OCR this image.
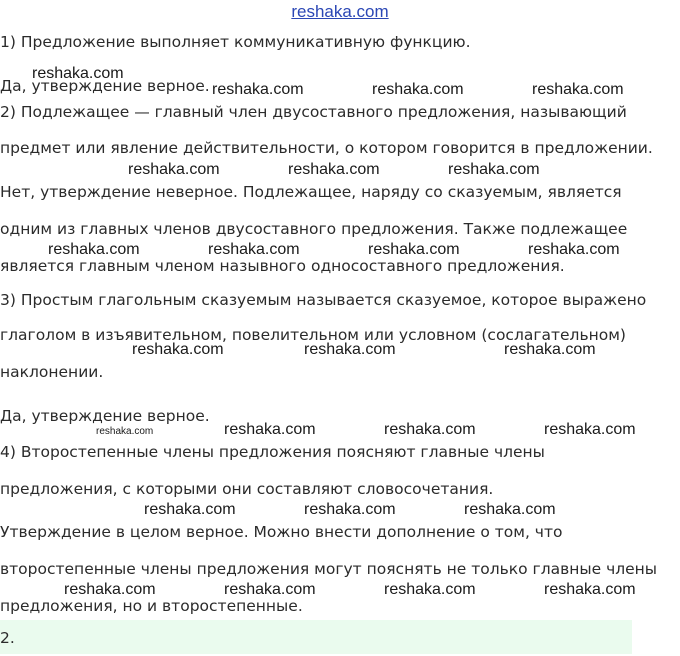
reshaka.com
1) Предложение выполняет коммуникативную функцию.
Да, утверждение верное.
2) Подлежащее — главный член двусоставного предложения, называющий
предмет или явление действительности, о котором говорится в предложении.
Нет, утверждение неверное. Подлежащее, наряду со сказуемым, является
одним из главных членов двусоставного предложения. Также подлежащее
является главным членом назывного односоставного предложения.
3) Простым глагольным сказуемым называется сказуемое, которое выражено
глаголом в изъявительном, повелительном или условном (сослагательном)
наклонении.
Да, утверждение верное.
4) Второстепенные члены предложения поясняют главные члены
предложения, с которыми они составляют словосочетания.
Утверждение в целом верное. Можно внести дополнение о том, что
второстепенные члены предложения могут пояснять не только главные члены
предложения, но и второстепенные.
reshaka.com
reshaka.com	reshaka.com	reshaka.com
reshaka.com	reshaka.com	reshaka.com
reshaka.com	reshaka.com	reshaka.com	reshaka.com
reshaka.com	reshaka.com	reshaka.com
reshaka.com	reshaka.com	reshaka.com	reshaka.com
reshaka.com	reshaka.com	reshaka.com
reshaka.com	reshaka.com	reshaka.com	reshaka.com
2.
